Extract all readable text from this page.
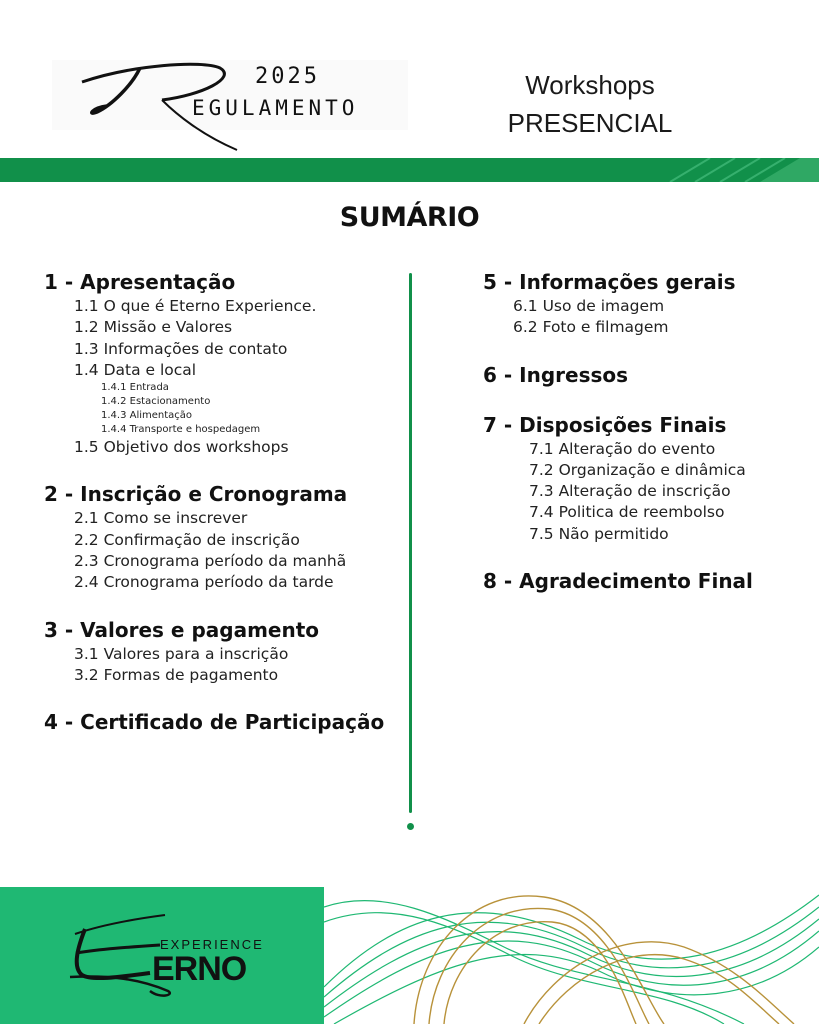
2025
EGULAMENTO
Workshops
PRESENCIAL
SUMÁRIO
1 - Apresentação
1.1 O que é Eterno Experience.
1.2 Missão e Valores
1.3 Informações de contato
1.4 Data e local
1.4.1 Entrada
1.4.2 Estacionamento
1.4.3 Alimentação
1.4.4 Transporte e hospedagem
1.5 Objetivo dos workshops
2 - Inscrição e Cronograma
2.1 Como se inscrever
2.2 Confirmação de inscrição
2.3 Cronograma período da manhã
2.4 Cronograma período da tarde
3 - Valores e pagamento
3.1 Valores para a inscrição
3.2 Formas de pagamento
4 - Certificado de Participação
5 - Informações gerais
6.1 Uso de imagem
6.2 Foto e filmagem
6 - Ingressos
7 - Disposições Finais
7.1 Alteração do evento
7.2 Organização e dinâmica
7.3 Alteração de inscrição
7.4 Politica de reembolso
7.5 Não permitido
8 - Agradecimento Final
EXPERIENCE
ERNO
